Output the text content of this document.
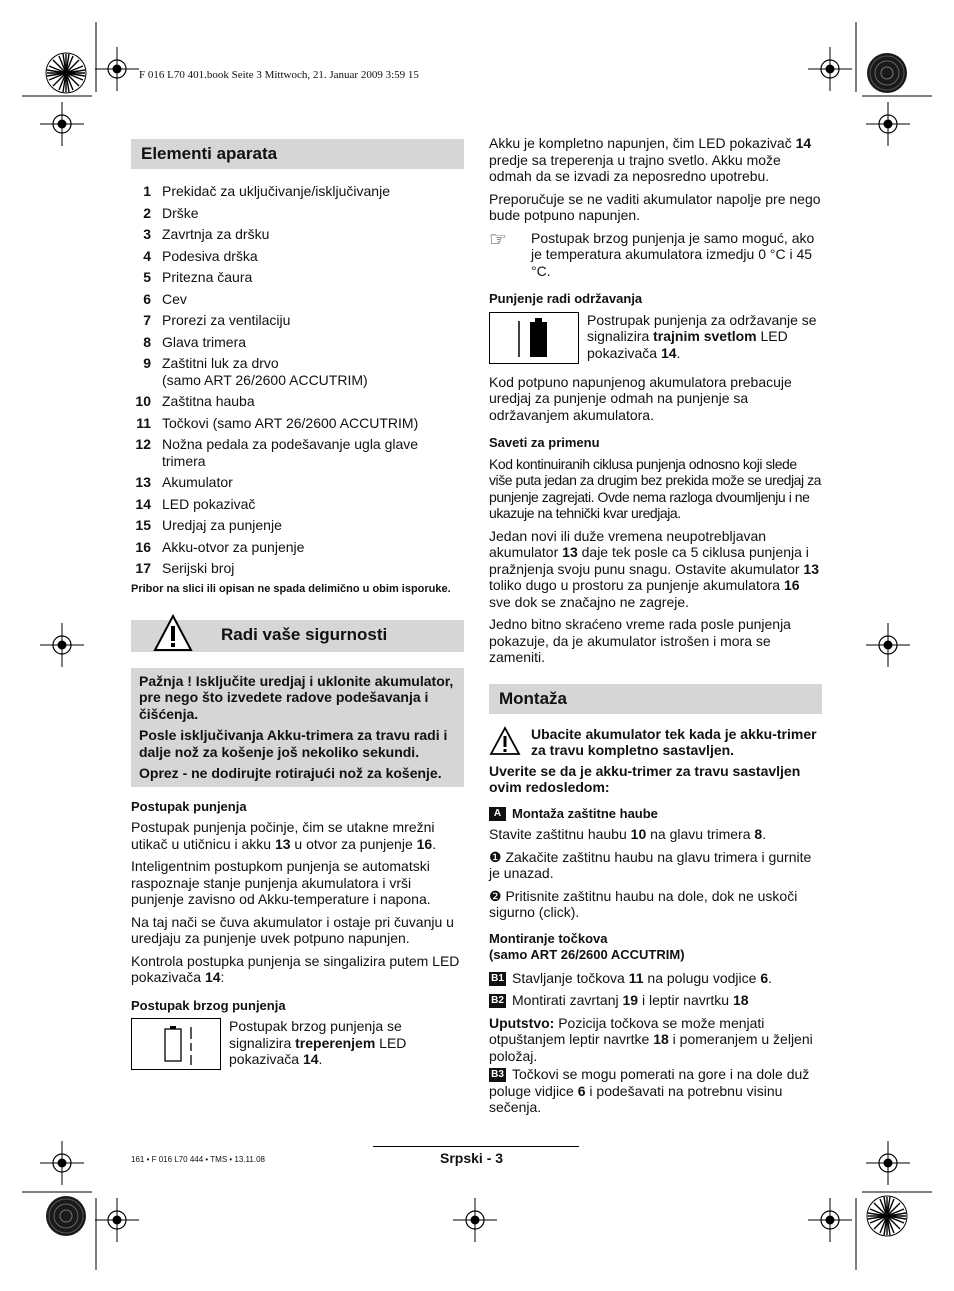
F 016 L70 401.book Seite 3 Mittwoch, 21. Januar 2009 3:59 15
Elementi aparata
1 Prekidač za uključivanje/isključivanje
2 Drške
3 Zavrtnja za dršku
4 Podesiva drška
5 Pritezna čaura
6 Cev
7 Prorezi za ventilaciju
8 Glava trimera
9 Zaštitni luk za drvo
(samo ART 26/2600 ACCUTRIM)
10 Zaštitna hauba
11 Točkovi (samo ART 26/2600 ACCUTRIM)
12 Nožna pedala za podešavanje ugla glave trimera
13 Akumulator
14 LED pokazivač
15 Uredjaj za punjenje
16 Akku-otvor za punjenje
17 Serijski broj
Pribor na slici ili opisan ne spada delimično u obim isporuke.
Radi vaše sigurnosti

Pažnja ! Isključite uredjaj i uklonite akumulator, pre nego što izvedete radove podešavanja i čišćenja.

Posle isključivanja Akku-trimera za travu radi i dalje nož za košenje još nekoliko sekundi.

Oprez - ne dodirujte rotirajući nož za košenje.

Postupak punjenja

Postupak punjenja počinje, čim se utakne mrežni utikač u utičnicu i akku 13 u otvor za punjenje 16.

Inteligentnim postupkom punjenja se automatski raspoznaje stanje punjenja akumulatora i vrši punjenje zavisno od Akku-temperature i napona.

Na taj nači se čuva akumulator i ostaje pri čuvanju u uredjaju za punjenje uvek potpuno napunjen.

Kontrola postupka punjenja se singalizira putem LED pokazivača 14:

Postupak brzog punjenja
Postupak brzog punjenja se signalizira treperenjem LED pokazivača 14.

Akku je kompletno napunjen, čim LED pokazivač 14 predje sa treperenja u trajno svetlo. Akku može odmah da se izvadi za neposredno upotrebu.

Preporučuje se ne vaditi akumulator napolje pre nego bude potpuno napunjen.

☞	Postupak brzog punjenja je samo moguć, ako je temperatura akumulatora izmedju 0 °C i 45 °C.
Punjenje radi održavanja
Postrupak punjenja za održavanje se signalizira trajnim svetlom LED pokazivača 14.

Kod potpuno napunjenog akumulatora prebacuje uredjaj za punjenje odmah na punjenje sa održavanjem akumulatora.

Saveti za primenu

Kod kontinuiranih ciklusa punjenja odnosno koji slede više puta jedan za drugim bez prekida može se uredjaj za punjenje zagrejati. Ovde nema razloga dvoumljenju i ne ukazuje na tehnički kvar uredjaja.

Jedan novi ili duže vremena neupotrebljavan akumulator 13 daje tek posle ca 5 ciklusa punjenja i pražnjenja svoju punu snagu. Ostavite akumulator 13 toliko dugo u prostoru za punjenje akumulatora 16 sve dok se značajno ne zagreje.

Jedno bitno skraćeno vreme rada posle punjenja pokazuje, da je akumulator istrošen i mora se zameniti.

Montaža
Ubacite akumulator tek kada je akku-trimer za travu kompletno sastavljen.

Uverite se da je akku-trimer za travu sastavljen ovim redosledom:

A Montaža zaštitne haube

Stavite zaštitnu haubu 10 na glavu trimera 8.

❶ Zakačite zaštitnu haubu na glavu trimera i gurnite je unazad.

❷ Pritisnite zaštitnu haubu na dole, dok ne uskoči sigurno (click).

Montiranje točkova
(samo ART 26/2600 ACCUTRIM)

B1 Stavljanje točkova 11 na polugu vodjice 6.

B2 Montirati zavrtanj 19 i leptir navrtku 18

Uputstvo: Pozicija točkova se može menjati otpuštanjem leptir navrtke 18 i pomeranjem u željeni položaj.

B3 Točkovi se mogu pomerati na gore i na dole duž poluge vidjice 6 i podešavati na potrebnu visinu sečenja.

161 • F 016 L70 444 • TMS • 13.11.08	Srpski - 3
